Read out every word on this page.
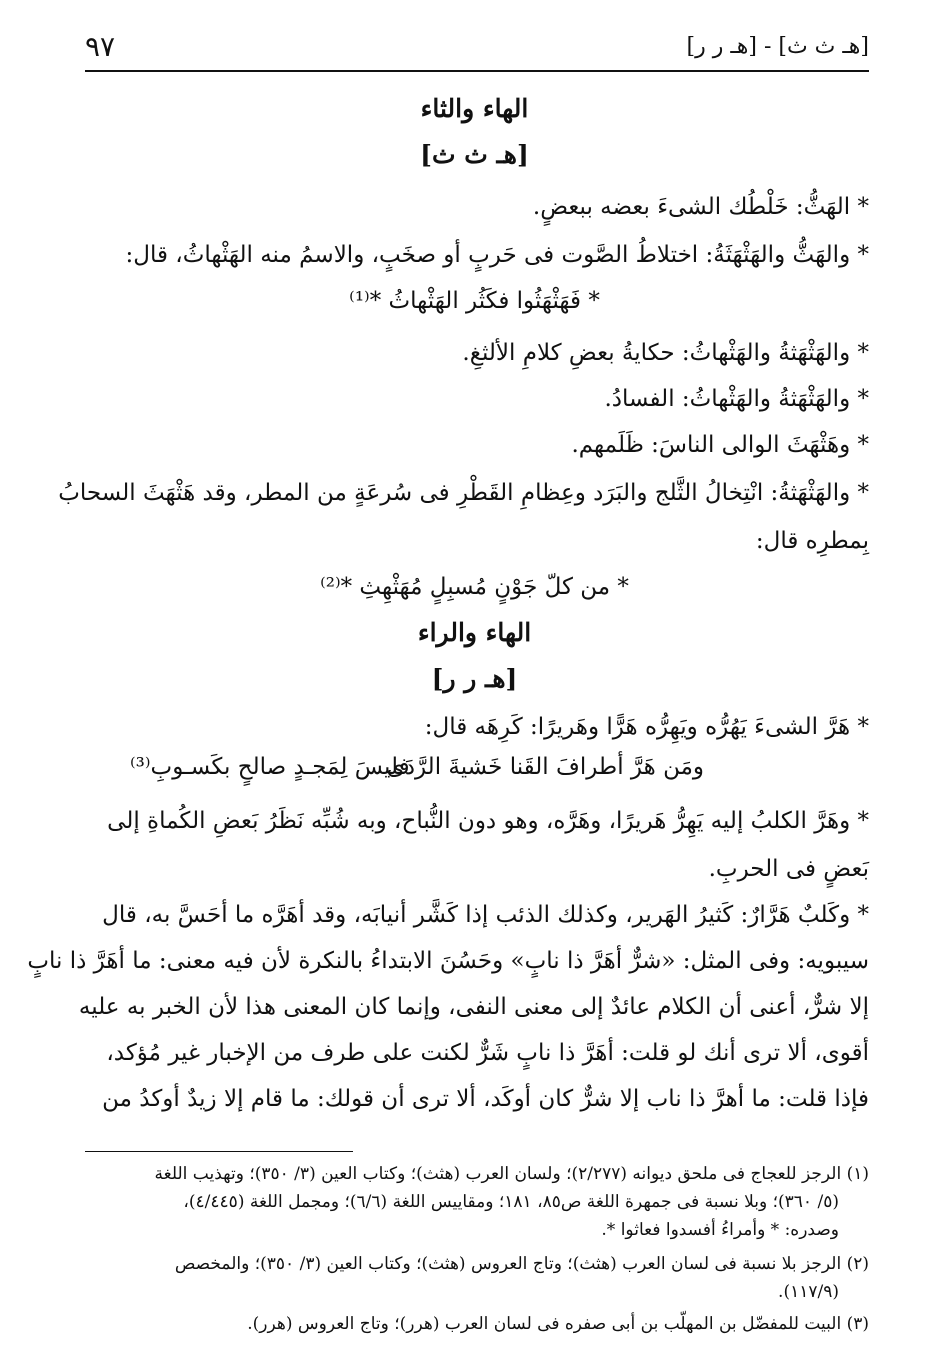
[هـ ث ث] - [هـ ر ر]
٩٧
الهاء والثاء
[هـ ث ث]
* الهَثُّ: خَلْطُك الشىءَ بعضه ببعضٍ.
* والهَثُّ والهَثْهَثَةُ: اختلاطُ الصَّوت فى حَربٍ أو صخَبٍ، والاسمُ منه الهَثْهاثُ، قال:
* فَهَثْهَثُوا فكَثُر الهَثْهاثُ *⁽¹⁾
* والهَثْهَثةُ والهَثْهاثُ: حكايةُ بعضِ كلامِ الألثغِ.
* والهَثْهَثةُ والهَثْهاثُ: الفسادُ.
* وهَثْهَثَ الوالى الناسَ: ظَلَمهم.
* والهَثْهَثةُ: انْتِخالُ الثَّلج والبَرَد وعِظامِ القَطْرِ فى سُرعَةٍ من المطر، وقد هَثْهَثَ السحابُ
بِمطرِه قال:
* من كلّ جَوْنٍ مُسبِلٍ مُهَثْهِثِ *⁽²⁾
الهاء والراء
[هـ ر ر]
* هَرَّ الشىءَ يَهُرُّه ويَهِرُّه هَرًّا وهَريرًا: كَرِهَه قال:
ومَن هَرَّ أطرافَ القَنا خَشيةَ الرَّدَى
فليسَ لِمَجـدٍ صالحٍ بكَسـوبِ⁽³⁾
* وهَرَّ الكلبُ إليه يَهِرُّ هَريرًا، وهَرَّه، وهو دون النُّباح، وبه شُبِّه نَظَرُ بَعضِ الكُماةِ إلى
بَعضٍ فى الحربِ.
* وكَلبٌ هَرَّارٌ: كَثيرُ الهَرير، وكذلك الذئب إذا كَشَّر أنيابَه، وقد أهَرَّه ما أحَسَّ به، قال
سيبويه: وفى المثل: «شرٌّ أهَرَّ ذا نابٍ» وحَسُنَ الابتداءُ بالنكرة لأن فيه معنى: ما أهَرَّ ذا نابٍ
إلا شرٌّ، أعنى أن الكلام عائدٌ إلى معنى النفى، وإنما كان المعنى هذا لأن الخبر به عليه
أقوى، ألا ترى أنك لو قلت: أهَرَّ ذا نابٍ شَرٌّ لكنت على طرف من الإخبار غير مُؤكد،
فإذا قلت: ما أهرَّ ذا ناب إلا شرٌّ كان أوكَد، ألا ترى أن قولك: ما قام إلا زيدٌ أوكدُ من
(١) الرجز للعجاج فى ملحق ديوانه (٢/٢٧٧)؛ ولسان العرب (هثث)؛ وكتاب العين (٣/ ٣٥٠)؛ وتهذيب اللغة
(٥/ ٣٦٠)؛ وبلا نسبة فى جمهرة اللغة ص٨٥، ١٨١؛ ومقاييس اللغة (٦/٦)؛ ومجمل اللغة (٤/٤٤٥)،
وصدره: * وأمراءُ أفسدوا فعاثوا *.
(٢) الرجز بلا نسبة فى لسان العرب (هثث)؛ وتاج العروس (هثث)؛ وكتاب العين (٣/ ٣٥٠)؛ والمخصص
(١١٧/٩).
(٣) البيت للمفضّل بن المهلّب بن أبى صفره فى لسان العرب (هرر)؛ وتاج العروس (هرر).
